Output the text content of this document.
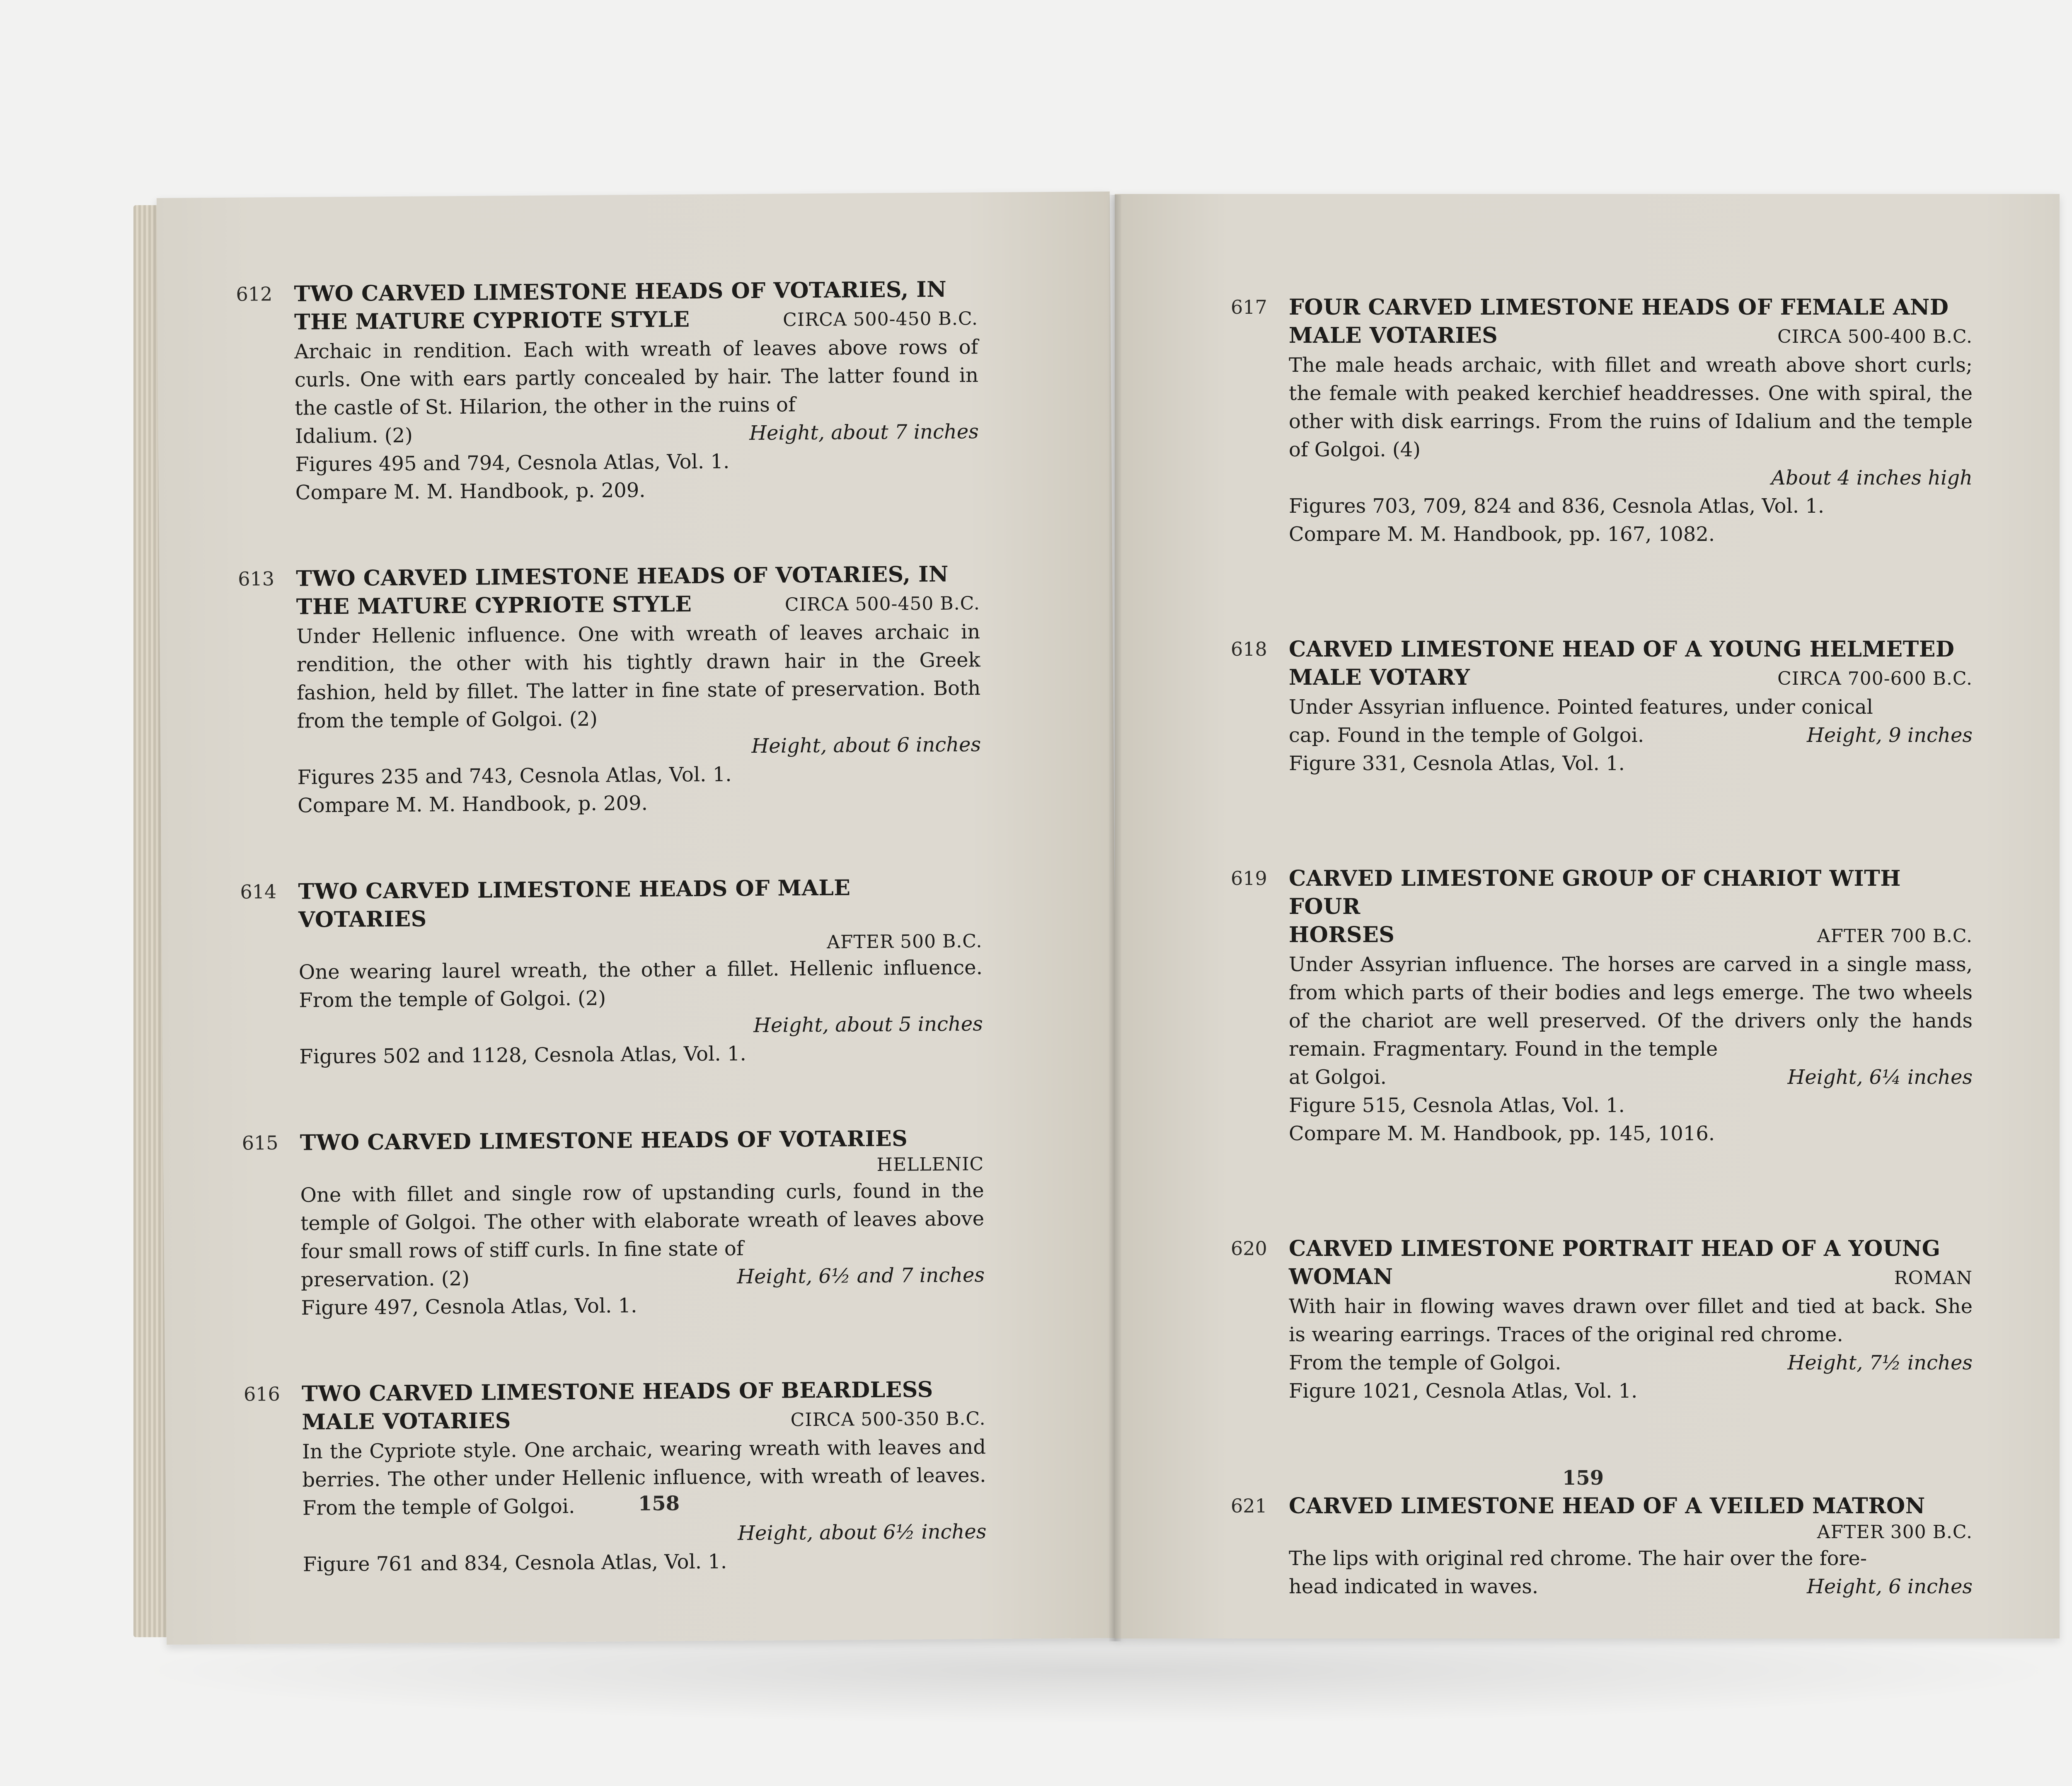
612 TWO CARVED LIMESTONE HEADS OF VOTARIES, IN
THE MATURE CYPRIOTE STYLE	CIRCA 500-450 B.C.
Archaic in rendition. Each with wreath of leaves above rows of curls. One with ears partly concealed by hair. The latter found in the castle of St. Hilarion, the other in the ruins of
Idalium. (2)	Height, about 7 inches
Figures 495 and 794, Cesnola Atlas, Vol. 1.
Compare M. M. Handbook, p. 209.
613 TWO CARVED LIMESTONE HEADS OF VOTARIES, IN
THE MATURE CYPRIOTE STYLE	CIRCA 500-450 B.C.
Under Hellenic influence. One with wreath of leaves archaic in rendition, the other with his tightly drawn hair in the Greek fashion, held by fillet. The latter in fine state of preservation. Both from the temple of Golgoi. (2)
Height, about 6 inches
Figures 235 and 743, Cesnola Atlas, Vol. 1.
Compare M. M. Handbook, p. 209.
614 TWO CARVED LIMESTONE HEADS OF MALE VOTARIES
AFTER 500 B.C.
One wearing laurel wreath, the other a fillet. Hellenic influence. From the temple of Golgoi. (2)
Height, about 5 inches
Figures 502 and 1128, Cesnola Atlas, Vol. 1.
615 TWO CARVED LIMESTONE HEADS OF VOTARIES
HELLENIC
One with fillet and single row of upstanding curls, found in the temple of Golgoi. The other with elaborate wreath of leaves above four small rows of stiff curls. In fine state of
preservation. (2)	Height, 6½ and 7 inches
Figure 497, Cesnola Atlas, Vol. 1.
616 TWO CARVED LIMESTONE HEADS OF BEARDLESS
MALE VOTARIES	CIRCA 500-350 B.C.
In the Cypriote style. One archaic, wearing wreath with leaves and berries. The other under Hellenic influence, with wreath of leaves. From the temple of Golgoi.
Height, about 6½ inches
Figure 761 and 834, Cesnola Atlas, Vol. 1.
158
617 FOUR CARVED LIMESTONE HEADS OF FEMALE AND
MALE VOTARIES	CIRCA 500-400 B.C.
The male heads archaic, with fillet and wreath above short curls; the female with peaked kerchief headdresses. One with spiral, the other with disk earrings. From the ruins of Idalium and the temple of Golgoi. (4)
About 4 inches high
Figures 703, 709, 824 and 836, Cesnola Atlas, Vol. 1.
Compare M. M. Handbook, pp. 167, 1082.
618 CARVED LIMESTONE HEAD OF A YOUNG HELMETED
MALE VOTARY	CIRCA 700-600 B.C.
Under Assyrian influence. Pointed features, under conical
cap. Found in the temple of Golgoi.	Height, 9 inches
Figure 331, Cesnola Atlas, Vol. 1.
619 CARVED LIMESTONE GROUP OF CHARIOT WITH FOUR
HORSES	AFTER 700 B.C.
Under Assyrian influence. The horses are carved in a single mass, from which parts of their bodies and legs emerge. The two wheels of the chariot are well preserved. Of the drivers only the hands remain. Fragmentary. Found in the temple
at Golgoi.	Height, 6¼ inches
Figure 515, Cesnola Atlas, Vol. 1.
Compare M. M. Handbook, pp. 145, 1016.
620 CARVED LIMESTONE PORTRAIT HEAD OF A YOUNG
WOMAN	ROMAN
With hair in flowing waves drawn over fillet and tied at back. She is wearing earrings. Traces of the original red chrome.
From the temple of Golgoi.	Height, 7½ inches
Figure 1021, Cesnola Atlas, Vol. 1.
621 CARVED LIMESTONE HEAD OF A VEILED MATRON
AFTER 300 B.C.
The lips with original red chrome. The hair over the fore-
head indicated in waves.	Height, 6 inches
159
